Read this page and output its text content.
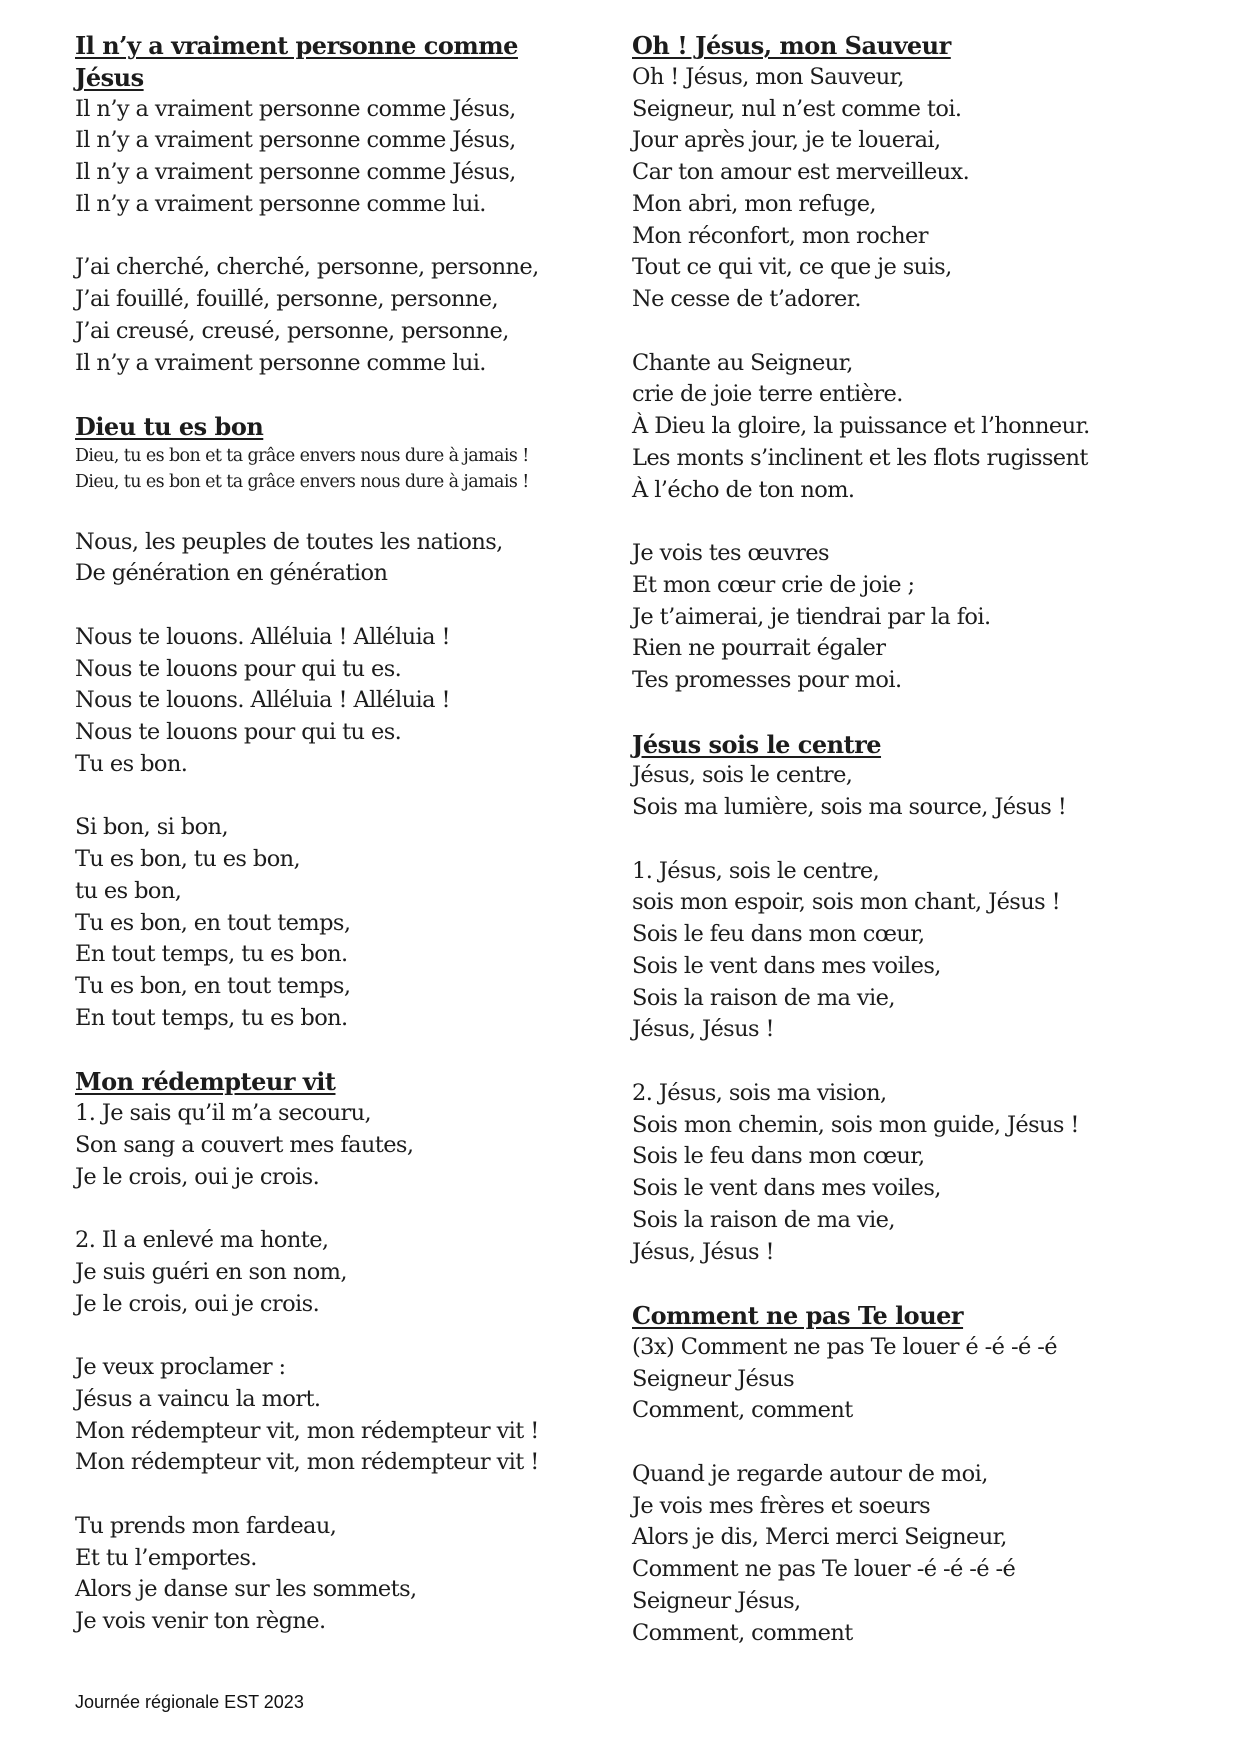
Il n’y a vraiment personne comme
Jésus
Il n’y a vraiment personne comme Jésus,
Il n’y a vraiment personne comme Jésus,
Il n’y a vraiment personne comme Jésus,
Il n’y a vraiment personne comme lui.
J’ai cherché, cherché, personne, personne,
J’ai fouillé, fouillé, personne, personne,
J’ai creusé, creusé, personne, personne,
Il n’y a vraiment personne comme lui.
Dieu tu es bon
Dieu, tu es bon et ta grâce envers nous dure à jamais !
Dieu, tu es bon et ta grâce envers nous dure à jamais !
Nous, les peuples de toutes les nations,
De génération en génération
Nous te louons. Alléluia ! Alléluia !
Nous te louons pour qui tu es.
Nous te louons. Alléluia ! Alléluia !
Nous te louons pour qui tu es.
Tu es bon.
Si bon, si bon,
Tu es bon, tu es bon,
tu es bon,
Tu es bon, en tout temps,
En tout temps, tu es bon.
Tu es bon, en tout temps,
En tout temps, tu es bon.
Mon rédempteur vit
1. Je sais qu’il m’a secouru,
Son sang a couvert mes fautes,
Je le crois, oui je crois.
2. Il a enlevé ma honte,
Je suis guéri en son nom,
Je le crois, oui je crois.
Je veux proclamer :
Jésus a vaincu la mort.
Mon rédempteur vit, mon rédempteur vit !
Mon rédempteur vit, mon rédempteur vit !
Tu prends mon fardeau,
Et tu l’emportes.
Alors je danse sur les sommets,
Je vois venir ton règne.
Oh ! Jésus, mon Sauveur
Oh ! Jésus, mon Sauveur,
Seigneur, nul n’est comme toi.
Jour après jour, je te louerai,
Car ton amour est merveilleux.
Mon abri, mon refuge,
Mon réconfort, mon rocher
Tout ce qui vit, ce que je suis,
Ne cesse de t’adorer.
Chante au Seigneur,
crie de joie terre entière.
À Dieu la gloire, la puissance et l’honneur.
Les monts s’inclinent et les flots rugissent
À l’écho de ton nom.
Je vois tes œuvres
Et mon cœur crie de joie ;
Je t’aimerai, je tiendrai par la foi.
Rien ne pourrait égaler
Tes promesses pour moi.
Jésus sois le centre
Jésus, sois le centre,
Sois ma lumière, sois ma source, Jésus !
1. Jésus, sois le centre,
sois mon espoir, sois mon chant, Jésus !
Sois le feu dans mon cœur,
Sois le vent dans mes voiles,
Sois la raison de ma vie,
Jésus, Jésus !
2. Jésus, sois ma vision,
Sois mon chemin, sois mon guide, Jésus !
Sois le feu dans mon cœur,
Sois le vent dans mes voiles,
Sois la raison de ma vie,
Jésus, Jésus !
Comment ne pas Te louer
(3x) Comment ne pas Te louer é -é -é -é
Seigneur Jésus
Comment, comment
Quand je regarde autour de moi,
Je vois mes frères et soeurs
Alors je dis, Merci merci Seigneur,
Comment ne pas Te louer -é -é -é -é
Seigneur Jésus,
Comment, comment
Journée régionale EST 2023
